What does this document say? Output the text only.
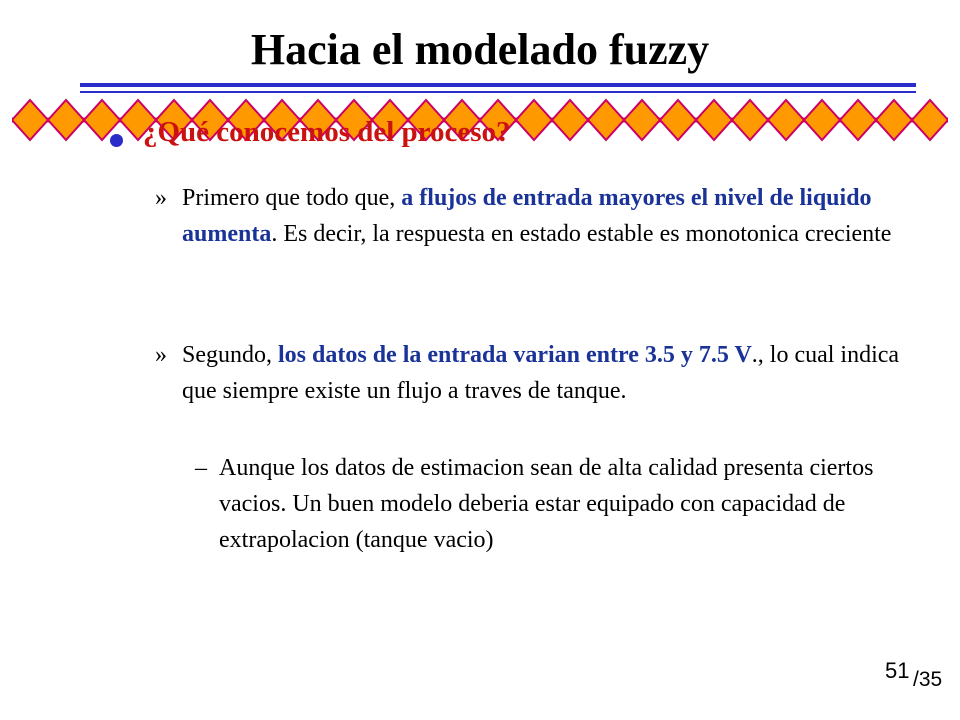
Hacia el modelado fuzzy
¿Qué conocemos del proceso?
» Primero que todo que, a flujos de entrada mayores el nivel de liquido aumenta. Es decir, la respuesta en estado estable es monotonica creciente
» Segundo, los datos de la entrada varian entre 3.5 y 7.5 V., lo cual indica que siempre existe un flujo a traves de tanque.
– Aunque los datos de estimacion sean de alta calidad presenta ciertos vacios. Un buen modelo deberia estar equipado con capacidad de extrapolacion (tanque vacio)
51 /35
